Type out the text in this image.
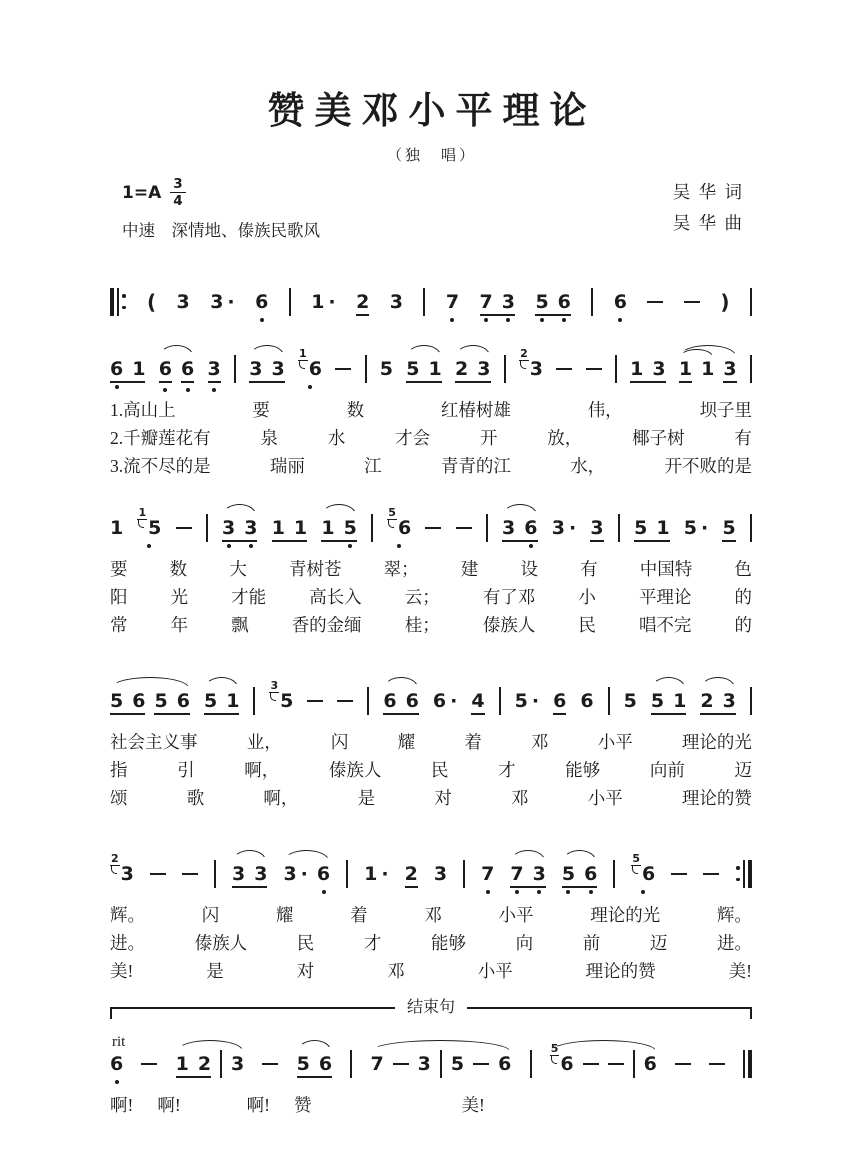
赞美邓小平理论
（独　唱）
$1=A \frac{3}{4}$
中速　深情地、傣族民歌风
吴 华 词
吴 华 曲
( 3 3 · 6 1 · 2 3 7 7 3 5 6 6	)
6 1 6 6 3 3 3
1
6	5 5 1 2 3
2
3	1 3 1 1 3
1.高山上	要	数	红椿树雄	伟，	坝子里
2.千瓣莲花有	泉	水	才会	开	放，	椰子树	有
3.流不尽的是	瑞丽	江	青青的江	水，	开不败的是
1
1
5	3 3 1 1 1 5
5
6	3 6 3 · 3 5 1 5 · 5
要 数 大 青树苍 翠； 建 设 有 中国特 色
阳 光 才能 高长入 云； 有了邓 小 平理论 的
常 年 飘 香的金缅 桂； 傣族人 民 唱不完 的
5 6 5 6 5 1
3
5	6 6 6 · 4 5 · 6 6 5 5 1 2 3
社会主义事	业，	闪	耀	着	邓	小平	理论的光
指	引	啊，	傣族人	民	才	能够	向前	迈
颂	歌	啊，	是	对	邓	小平	理论的赞
2
3	3 3 3 · 6 1 · 2 3 7 7 3 5 6
5
6
辉。	闪	耀	着	邓	小平	理论的光	辉。
进。	傣族人	民	才	能够	向	前	迈	进。
美!	是	对	邓	小平	理论的赞	美!
结束句
rit
6	1 2 3	5 6 7 3 5 6
5
6	6
啊! 啊!	啊! 赞	美!
